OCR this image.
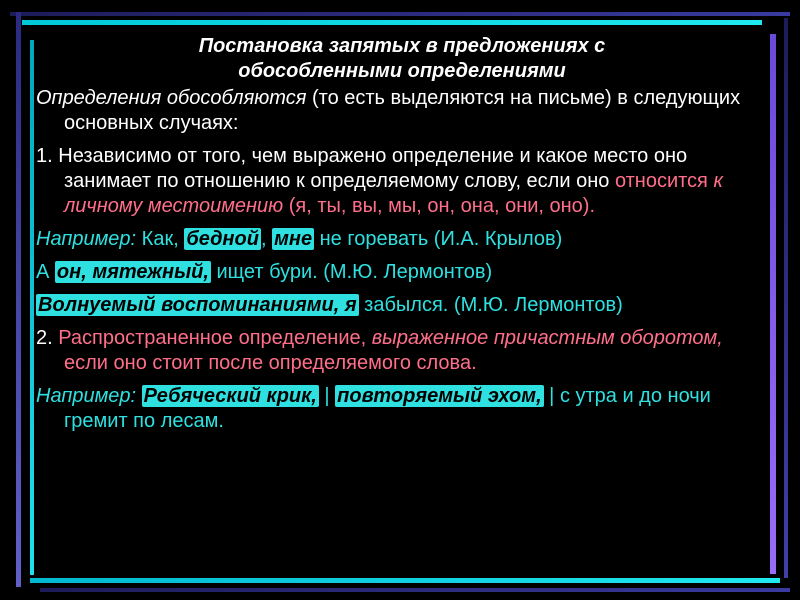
Постановка запятых в предложениях с
обособленными определениями

Определения обособляются (то есть выделяются на письме) в следующих основных случаях:

1. Независимо от того, чем выражено определение и какое место оно занимает по отношению к определяемому слову, если оно относится к личному местоимению (я, ты, вы, мы, он, она, они, оно).

Например: Как, бедной , мне не горевать (И.А. Крылов)

А он, мятежный, ищет бури. (М.Ю. Лермонтов)

Волнуемый воспоминаниями, я забылся. (М.Ю. Лермонтов)

2. Распространенное определение, выраженное причастным оборотом, если оно стоит после определяемого слова.

Например: Ребяческий крик, | повторяемый эхом, | с утра и до ночи гремит по лесам.
